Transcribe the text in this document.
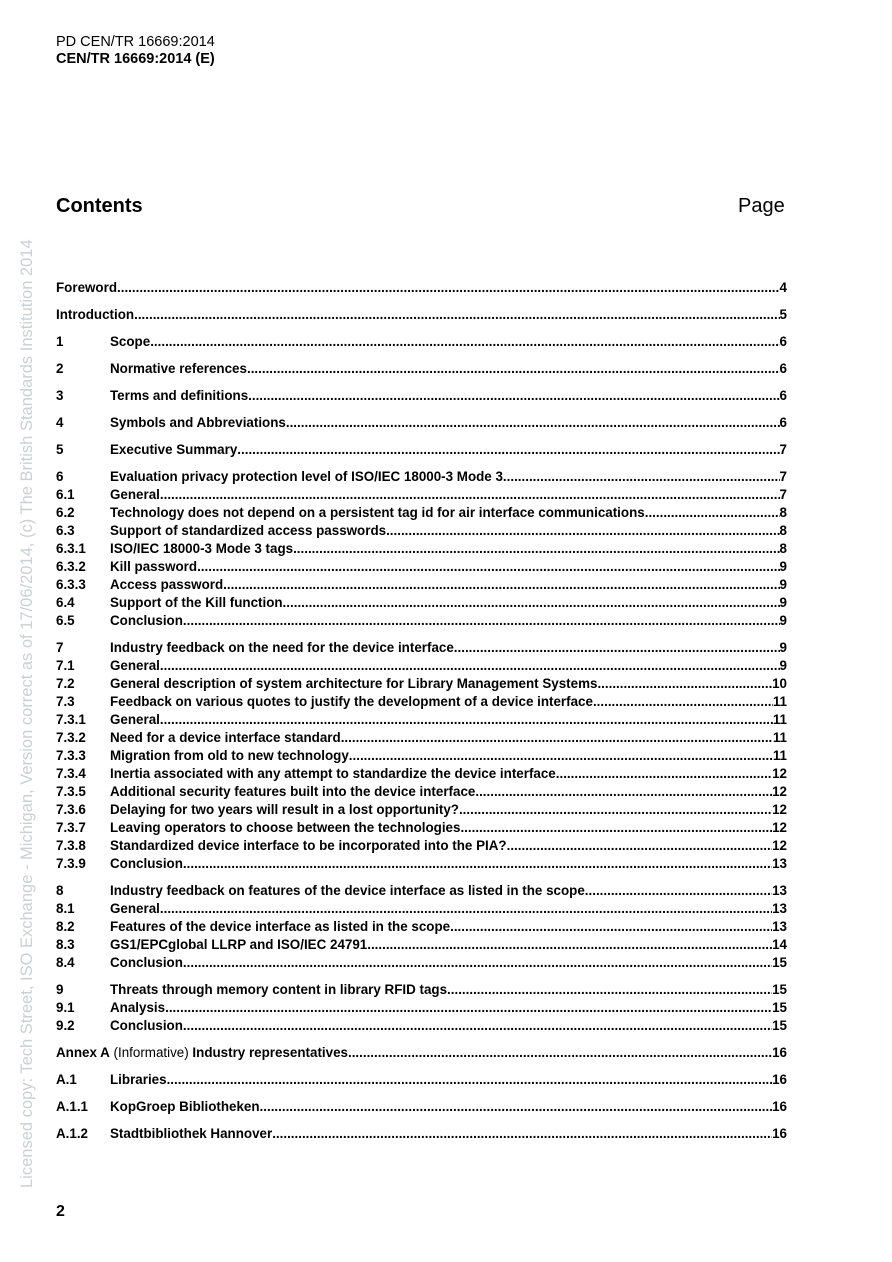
PD CEN/TR 16669:2014
CEN/TR 16669:2014 (E)
Licensed copy: Tech Street, ISO Exchange - Michigan, Version correct as of 17/06/2014, (c) The British Standards Institution 2014
Contents	Page
Foreword .....	4
Introduction .....	5
1	Scope .....	6
2	Normative references .....	6
3	Terms and definitions .....	6
4	Symbols and Abbreviations .....	6
5	Executive Summary .....	7
6	Evaluation privacy protection level of ISO/IEC 18000-3 Mode 3 .....	7
6.1	General .....	7
6.2	Technology does not depend on a persistent tag id for air interface communications .....	8
6.3	Support of standardized access passwords .....	8
6.3.1	ISO/IEC 18000-3 Mode 3 tags .....	8
6.3.2	Kill password .....	9
6.3.3	Access password .....	9
6.4	Support of the Kill function. .....	9
6.5	Conclusion .....	9
7	Industry feedback on the need for the device interface .....	9
7.1	General .....	9
7.2	General description of system architecture for Library Management Systems .....	10
7.3	Feedback on various quotes to justify the development of a device interface .....	11
7.3.1	General .....	11
7.3.2	Need for a device interface standard .....	11
7.3.3	Migration from old to new technology .....	11
7.3.4	Inertia associated with any attempt to standardize the device interface .....	12
7.3.5	Additional security features built into the device interface. .....	12
7.3.6	Delaying for two years will result in a lost opportunity? .....	12
7.3.7	Leaving operators to choose between the technologies .....	12
7.3.8	Standardized device interface to be incorporated into the PIA? .....	12
7.3.9	Conclusion .....	13
8	Industry feedback on features of the device interface as listed in the scope .....	13
8.1	General .....	13
8.2	Features of the device interface as listed in the scope .....	13
8.3	GS1/EPCglobal LLRP and ISO/IEC 24791 .....	14
8.4	Conclusion .....	15
9	Threats through memory content in library RFID tags .....	15
9.1	Analysis .....	15
9.2	Conclusion .....	15
Annex A (Informative) Industry representatives .....	16
A.1	Libraries .....	16
A.1.1	KopGroep Bibliotheken .....	16
A.1.2	Stadtbibliothek Hannover .....	16
2
